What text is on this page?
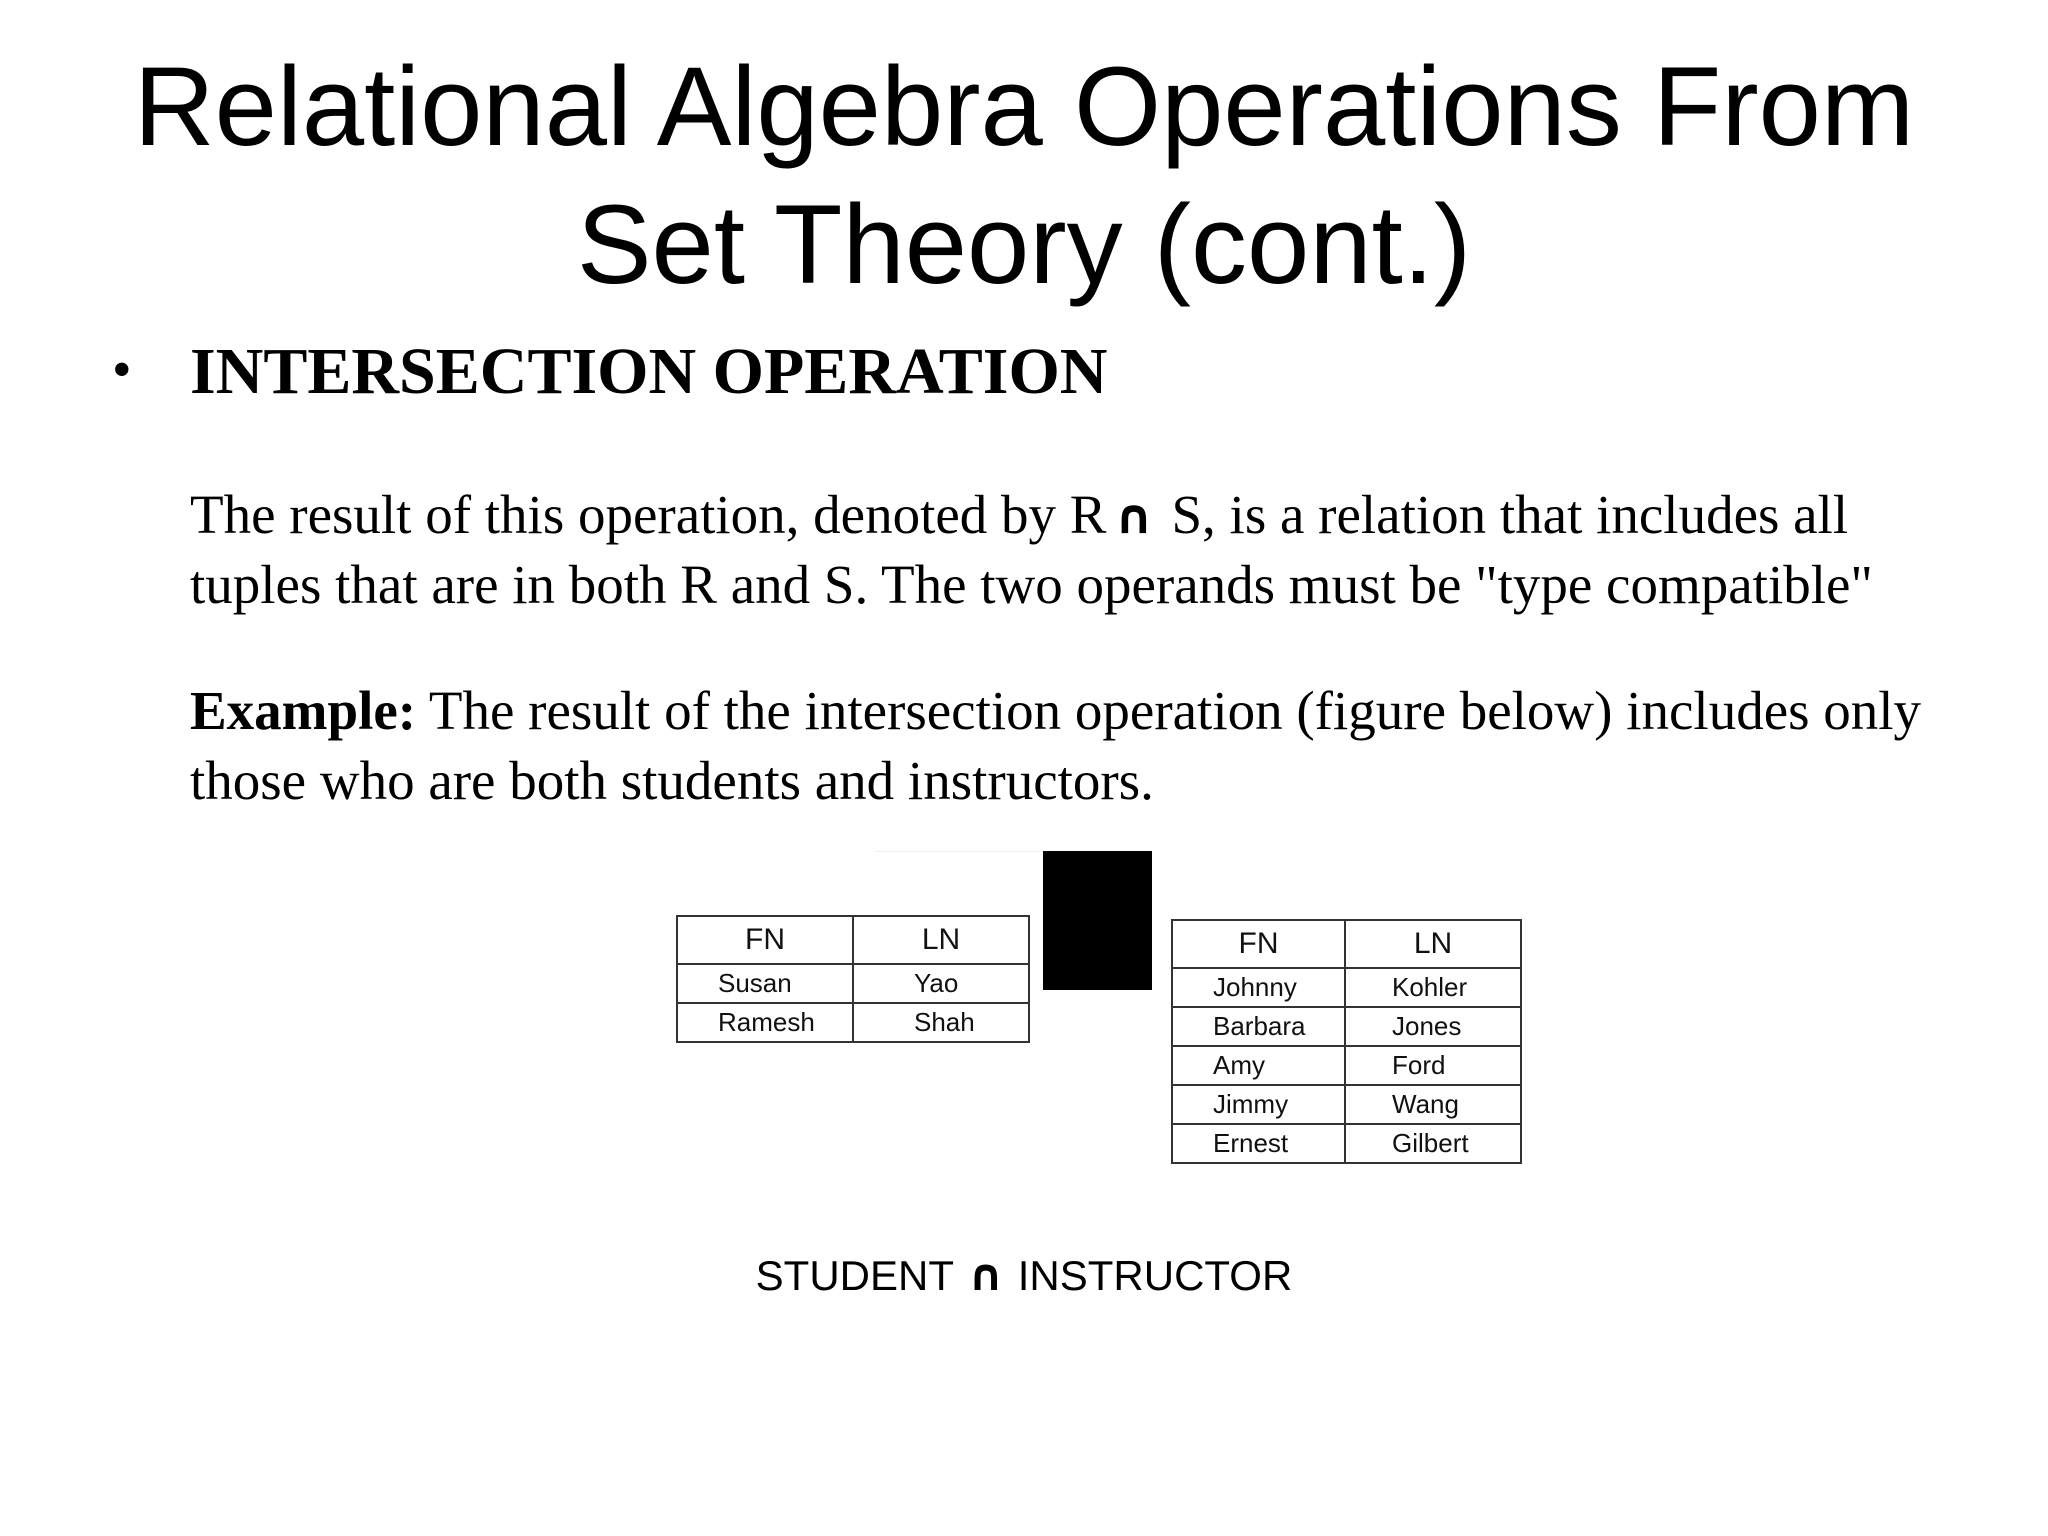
Relational Algebra Operations From
Set Theory (cont.)
• INTERSECTION OPERATION
The result of this operation, denoted by R ∩ S, is a relation that includes all tuples that are in both R and S. The two operands must be "type compatible"
Example: The result of the intersection operation (figure below) includes only those who are both students and instructors.
FN	LN
Susan	Yao
Ramesh	Shah
FN	LN
Johnny	Kohler
Barbara	Jones
Amy	Ford
Jimmy	Wang
Ernest	Gilbert
STUDENT ∩ INSTRUCTOR
